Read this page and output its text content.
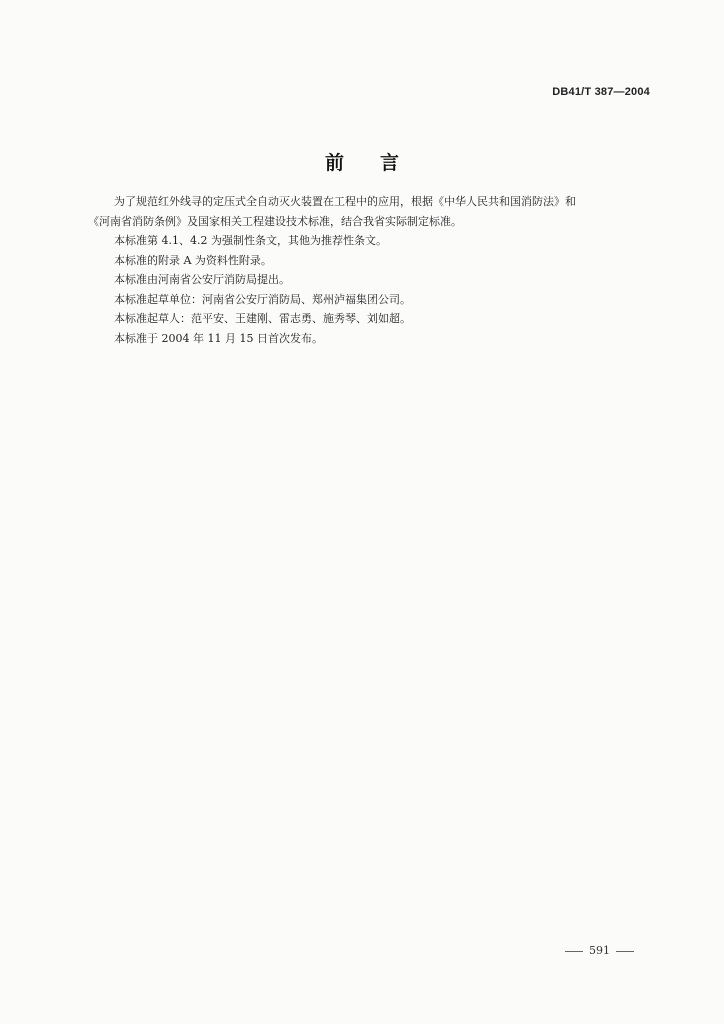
DB41/T 387—2004
前言

为了规范红外线寻的定压式全自动灭火装置在工程中的应用，根据《中华人民共和国消防法》和

《河南省消防条例》及国家相关工程建设技术标准，结合我省实际制定标准。

本标准第 4.1、4.2 为强制性条文，其他为推荐性条文。

本标准的附录 A 为资料性附录。

本标准由河南省公安厅消防局提出。

本标准起草单位：河南省公安厅消防局、郑州泸福集团公司。

本标准起草人：范平安、王建刚、雷志勇、施秀琴、刘如超。

本标准于 2004 年 11 月 15 日首次发布。

591
